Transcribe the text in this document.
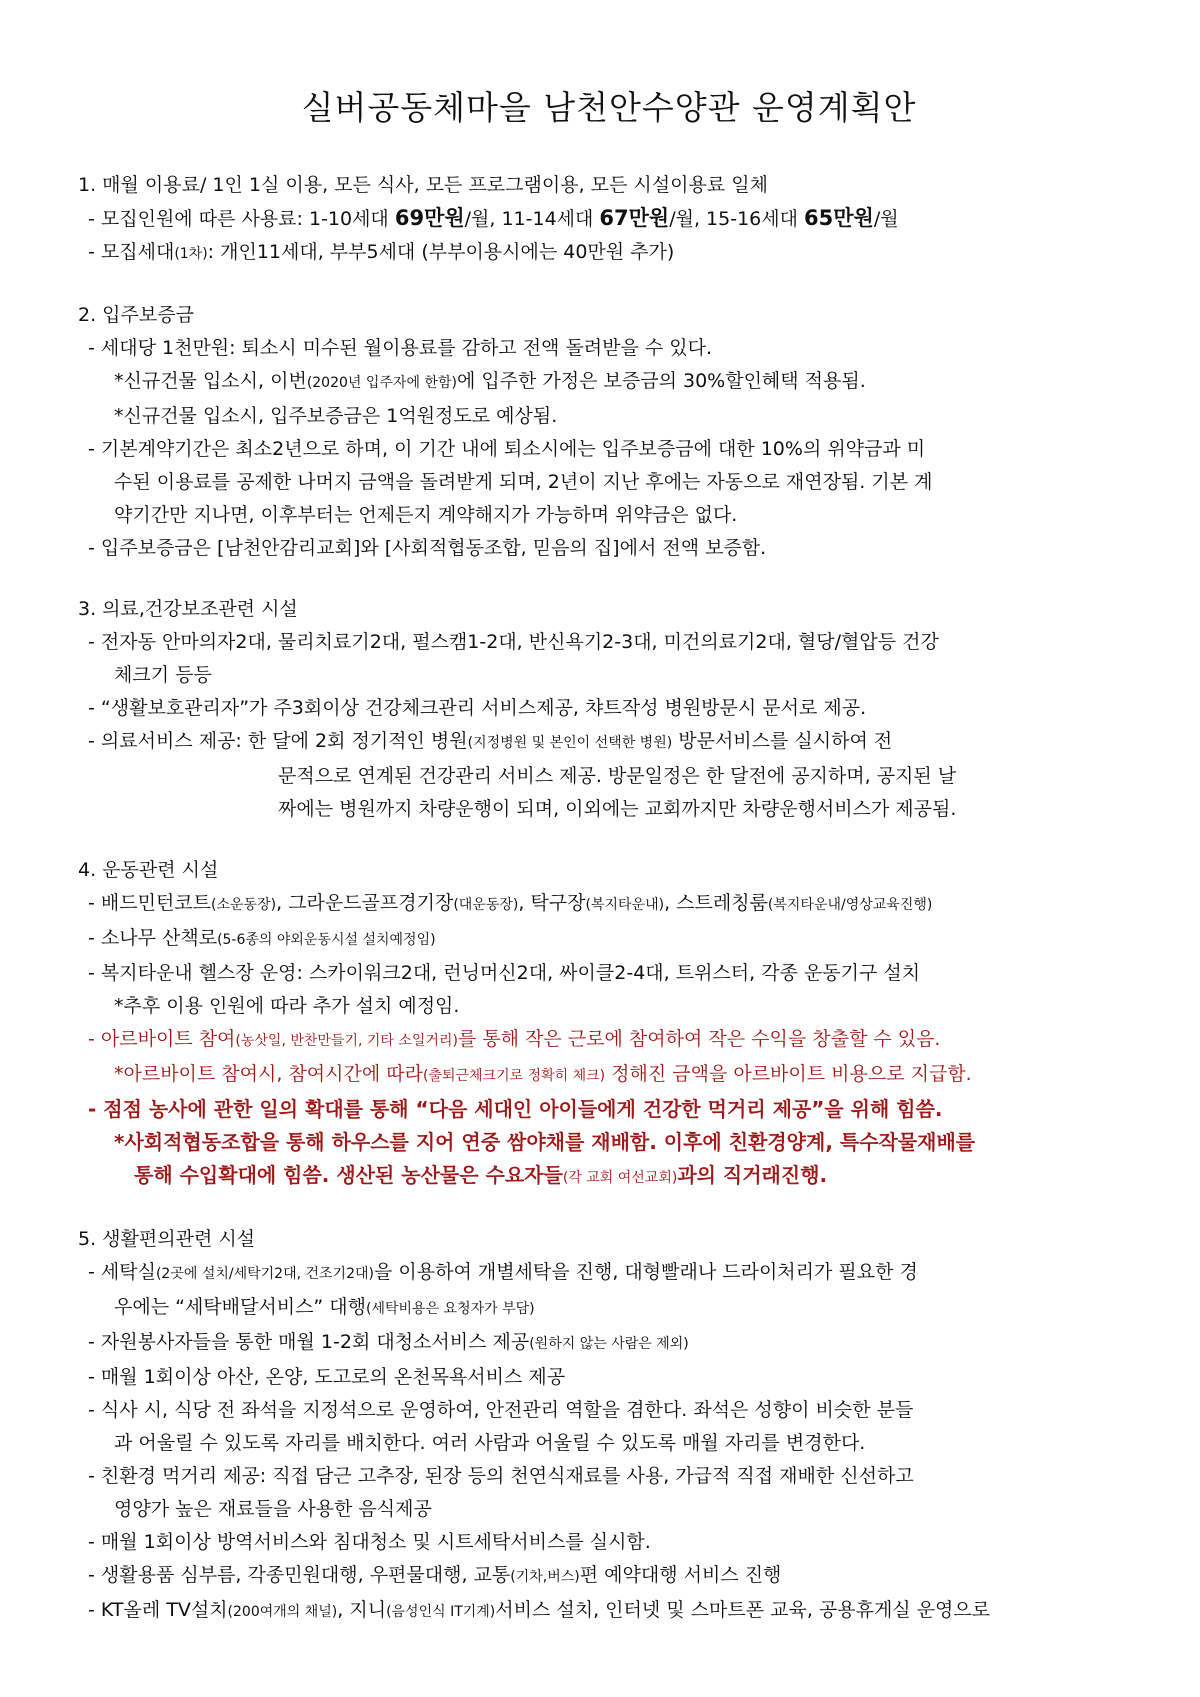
실버공동체마을 남천안수양관 운영계획안
1. 매월 이용료/ 1인 1실 이용, 모든 식사, 모든 프로그램이용, 모든 시설이용료 일체
- 모집인원에 따른 사용료: 1-10세대 69만원/월, 11-14세대 67만원/월, 15-16세대 65만원/월
- 모집세대(1차): 개인11세대, 부부5세대 (부부이용시에는 40만원 추가)
2. 입주보증금
- 세대당 1천만원: 퇴소시 미수된 월이용료를 감하고 전액 돌려받을 수 있다.
*신규건물 입소시, 이번(2020년 입주자에 한함)에 입주한 가정은 보증금의 30%할인혜택 적용됨.
*신규건물 입소시, 입주보증금은 1억원정도로 예상됨.
- 기본계약기간은 최소2년으로 하며, 이 기간 내에 퇴소시에는 입주보증금에 대한 10%의 위약금과 미
수된 이용료를 공제한 나머지 금액을 돌려받게 되며, 2년이 지난 후에는 자동으로 재연장됨. 기본 계
약기간만 지나면, 이후부터는 언제든지 계약해지가 가능하며 위약금은 없다.
- 입주보증금은 [남천안감리교회]와 [사회적협동조합, 믿음의 집]에서 전액 보증함.
3. 의료,건강보조관련 시설
- 전자동 안마의자2대, 물리치료기2대, 펄스캠1-2대, 반신욕기2-3대, 미건의료기2대, 혈당/혈압등 건강
체크기 등등
- “생활보호관리자”가 주3회이상 건강체크관리 서비스제공, 챠트작성 병원방문시 문서로 제공.
- 의료서비스 제공: 한 달에 2회 정기적인 병원(지정병원 및 본인이 선택한 병원) 방문서비스를 실시하여 전
문적으로 연계된 건강관리 서비스 제공. 방문일정은 한 달전에 공지하며, 공지된 날
짜에는 병원까지 차량운행이 되며, 이외에는 교회까지만 차량운행서비스가 제공됨.
4. 운동관련 시설
- 배드민턴코트(소운동장), 그라운드골프경기장(대운동장), 탁구장(복지타운내), 스트레칭룸(복지타운내/영상교육진행)
- 소나무 산책로(5-6종의 야외운동시설 설치예정임)
- 복지타운내 헬스장 운영: 스카이워크2대, 런닝머신2대, 싸이클2-4대, 트위스터, 각종 운동기구 설치
*추후 이용 인원에 따라 추가 설치 예정임.
- 아르바이트 참여(농삿일, 반찬만들기, 기타 소일거리)를 통해 작은 근로에 참여하여 작은 수익을 창출할 수 있음.
*아르바이트 참여시, 참여시간에 따라(출퇴근체크기로 정확히 체크) 정해진 금액을 아르바이트 비용으로 지급함.
- 점점 농사에 관한 일의 확대를 통해 “다음 세대인 아이들에게 건강한 먹거리 제공”을 위해 힘씀.
*사회적협동조합을 통해 하우스를 지어 연중 쌈야채를 재배함. 이후에 친환경양계, 특수작물재배를
통해 수입확대에 힘씀. 생산된 농산물은 수요자들(각 교회 여선교회)과의 직거래진행.
5. 생활편의관련 시설
- 세탁실(2곳에 설치/세탁기2대, 건조기2대)을 이용하여 개별세탁을 진행, 대형빨래나 드라이처리가 필요한 경
우에는 “세탁배달서비스” 대행(세탁비용은 요청자가 부담)
- 자원봉사자들을 통한 매월 1-2회 대청소서비스 제공(원하지 않는 사람은 제외)
- 매월 1회이상 아산, 온양, 도고로의 온천목욕서비스 제공
- 식사 시, 식당 전 좌석을 지정석으로 운영하여, 안전관리 역할을 겸한다. 좌석은 성향이 비슷한 분들
과 어울릴 수 있도록 자리를 배치한다. 여러 사람과 어울릴 수 있도록 매월 자리를 변경한다.
- 친환경 먹거리 제공: 직접 담근 고추장, 된장 등의 천연식재료를 사용, 가급적 직접 재배한 신선하고
영양가 높은 재료들을 사용한 음식제공
- 매월 1회이상 방역서비스와 침대청소 및 시트세탁서비스를 실시함.
- 생활용품 심부름, 각종민원대행, 우편물대행, 교통(기차,버스)편 예약대행 서비스 진행
- KT올레 TV설치(200여개의 채널), 지니(음성인식 IT기계)서비스 설치, 인터넷 및 스마트폰 교육, 공용휴게실 운영으로
